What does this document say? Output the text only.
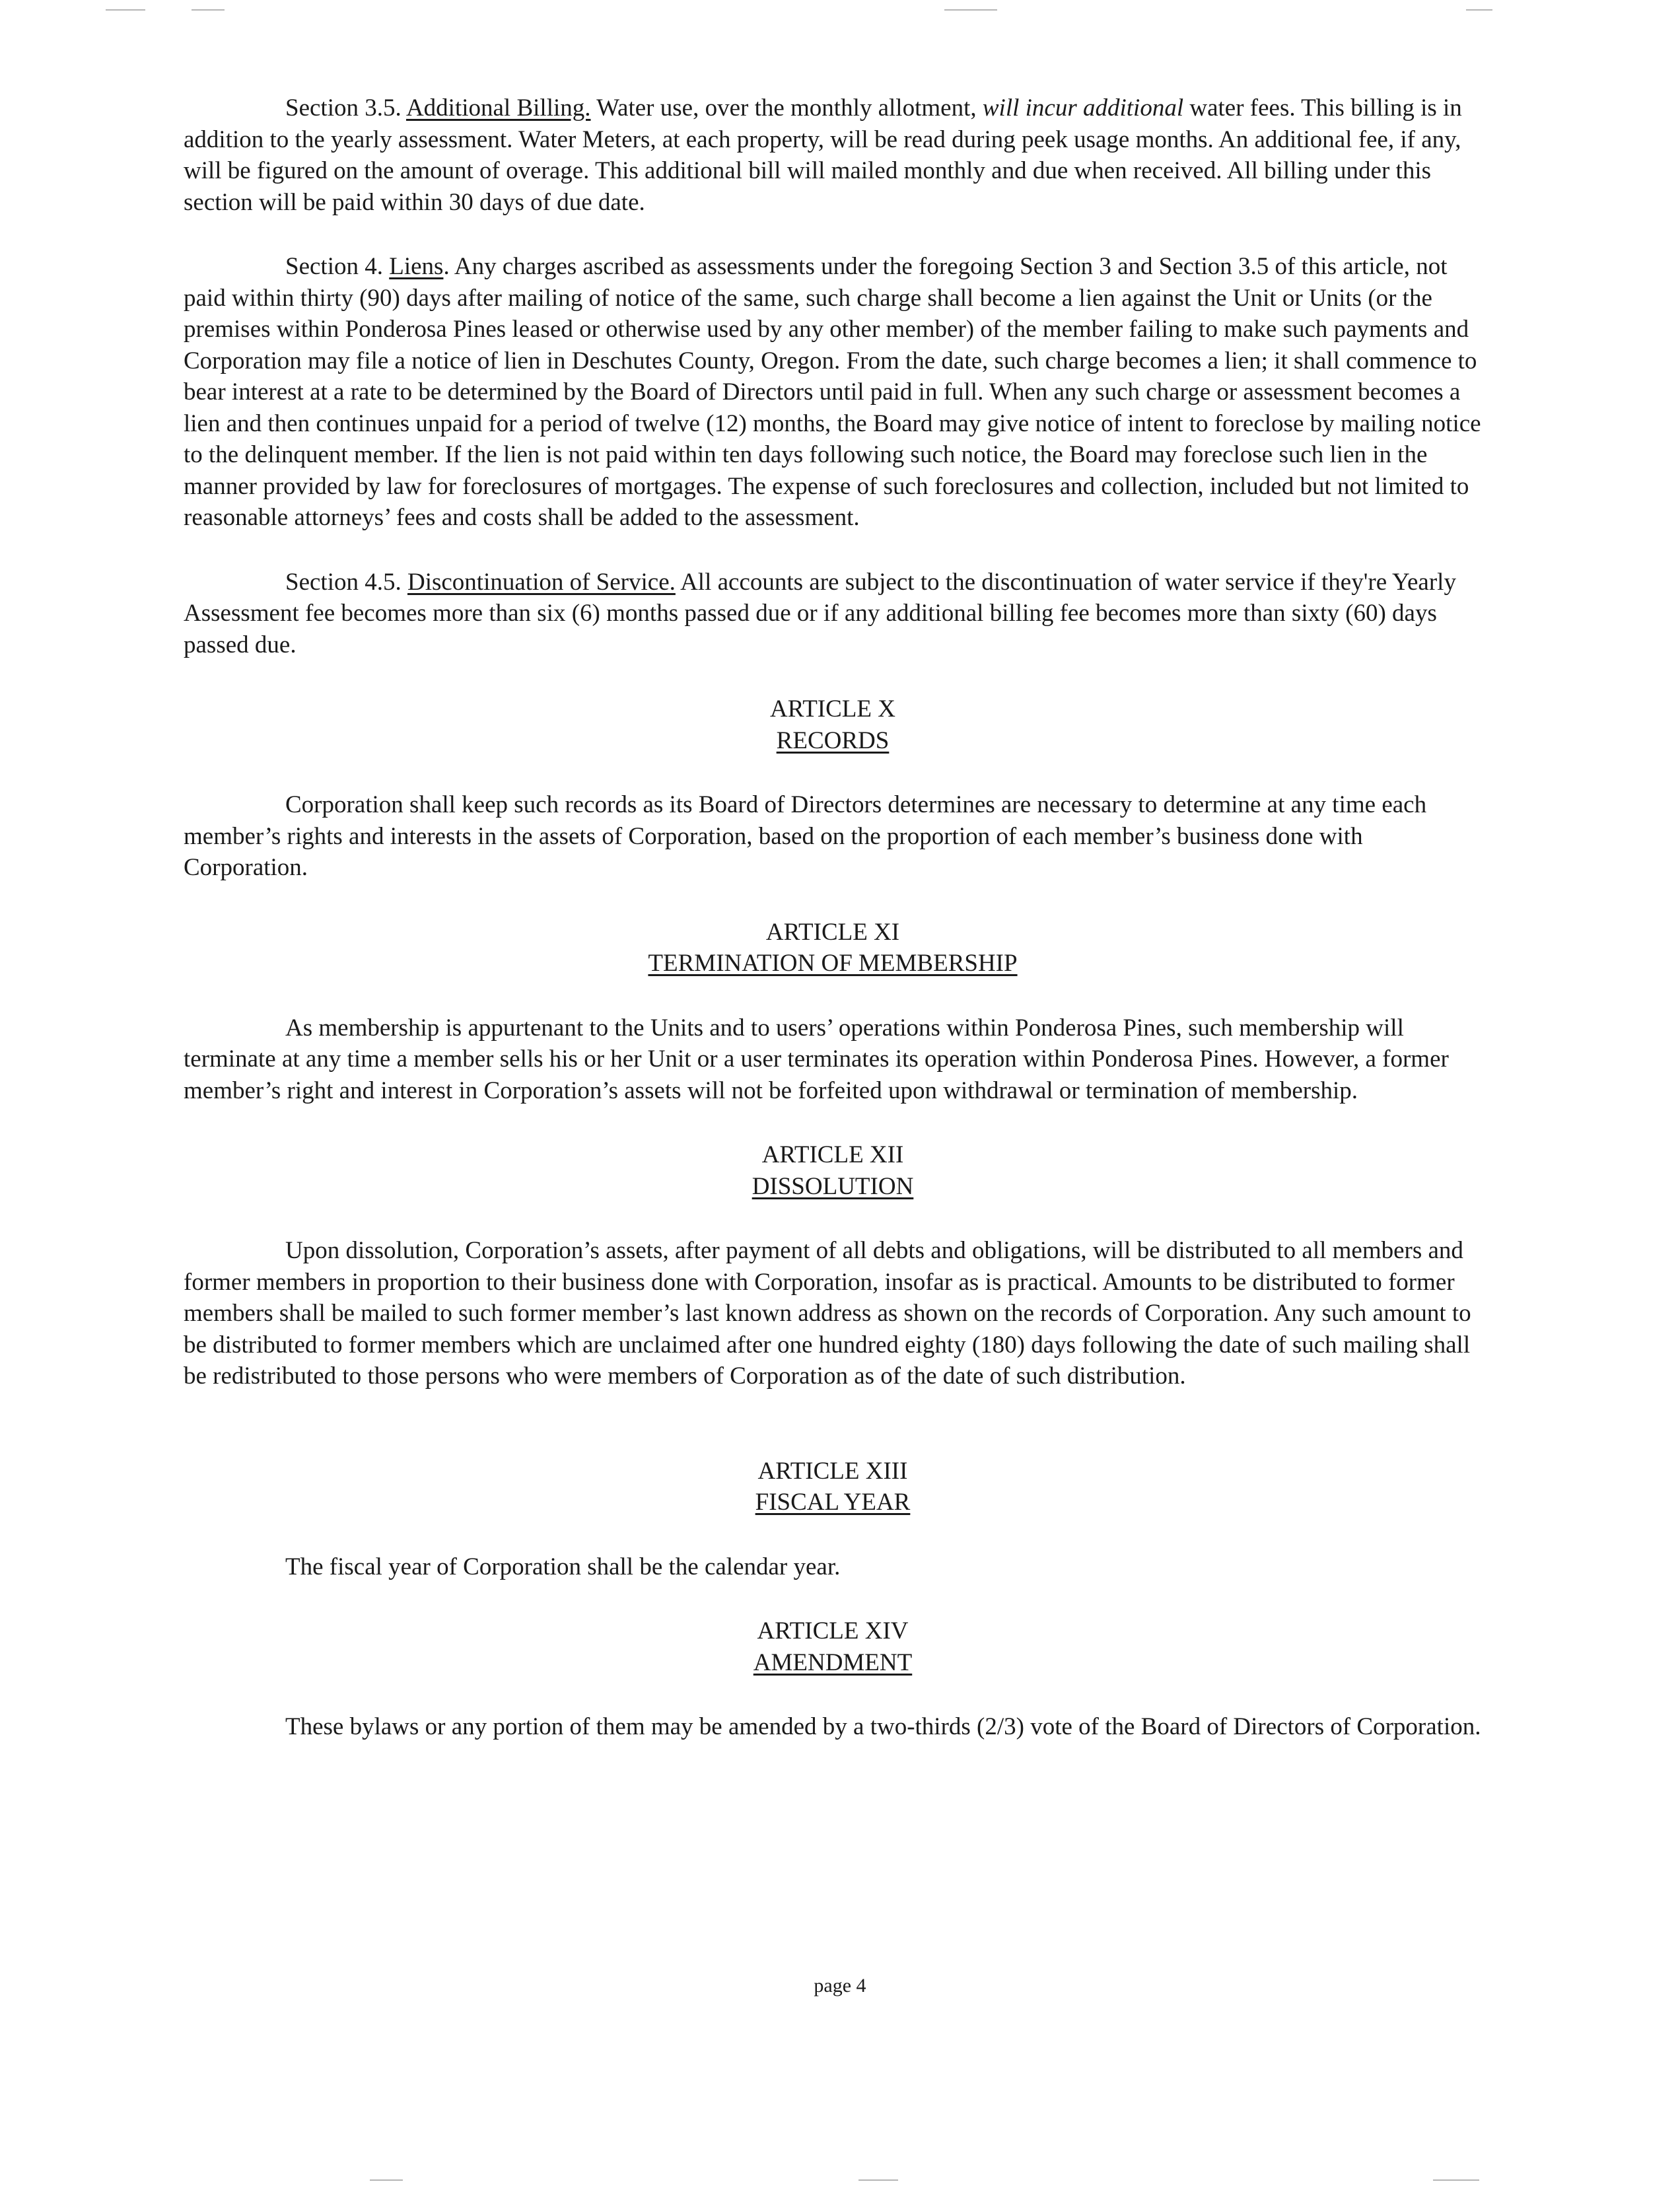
Section 3.5. Additional Billing. Water use, over the monthly allotment, will incur additional water fees. This billing is in addition to the yearly assessment. Water Meters, at each property, will be read during peek usage months. An additional fee, if any, will be figured on the amount of overage. This additional bill will mailed monthly and due when received. All billing under this section will be paid within 30 days of due date.

Section 4. Liens. Any charges ascribed as assessments under the foregoing Section 3 and Section 3.5 of this article, not paid within thirty (90) days after mailing of notice of the same, such charge shall become a lien against the Unit or Units (or the premises within Ponderosa Pines leased or otherwise used by any other member) of the member failing to make such payments and Corporation may file a notice of lien in Deschutes County, Oregon. From the date, such charge becomes a lien; it shall commence to bear interest at a rate to be determined by the Board of Directors until paid in full. When any such charge or assessment becomes a lien and then continues unpaid for a period of twelve (12) months, the Board may give notice of intent to foreclose by mailing notice to the delinquent member. If the lien is not paid within ten days following such notice, the Board may foreclose such lien in the manner provided by law for foreclosures of mortgages. The expense of such foreclosures and collection, included but not limited to reasonable attorneys’ fees and costs shall be added to the assessment.

Section 4.5. Discontinuation of Service. All accounts are subject to the discontinuation of water service if they're Yearly Assessment fee becomes more than six (6) months passed due or if any additional billing fee becomes more than sixty (60) days passed due.

ARTICLE X
RECORDS

Corporation shall keep such records as its Board of Directors determines are necessary to determine at any time each member’s rights and interests in the assets of Corporation, based on the proportion of each member’s business done with Corporation.

ARTICLE XI
TERMINATION OF MEMBERSHIP

As membership is appurtenant to the Units and to users’ operations within Ponderosa Pines, such membership will terminate at any time a member sells his or her Unit or a user terminates its operation within Ponderosa Pines. However, a former member’s right and interest in Corporation’s assets will not be forfeited upon withdrawal or termination of membership.

ARTICLE XII
DISSOLUTION

Upon dissolution, Corporation’s assets, after payment of all debts and obligations, will be distributed to all members and former members in proportion to their business done with Corporation, insofar as is practical. Amounts to be distributed to former members shall be mailed to such former member’s last known address as shown on the records of Corporation. Any such amount to be distributed to former members which are unclaimed after one hundred eighty (180) days following the date of such mailing shall be redistributed to those persons who were members of Corporation as of the date of such distribution.

ARTICLE XIII
FISCAL YEAR

The fiscal year of Corporation shall be the calendar year.

ARTICLE XIV
AMENDMENT

These bylaws or any portion of them may be amended by a two-thirds (2/3) vote of the Board of Directors of Corporation.

page 4
